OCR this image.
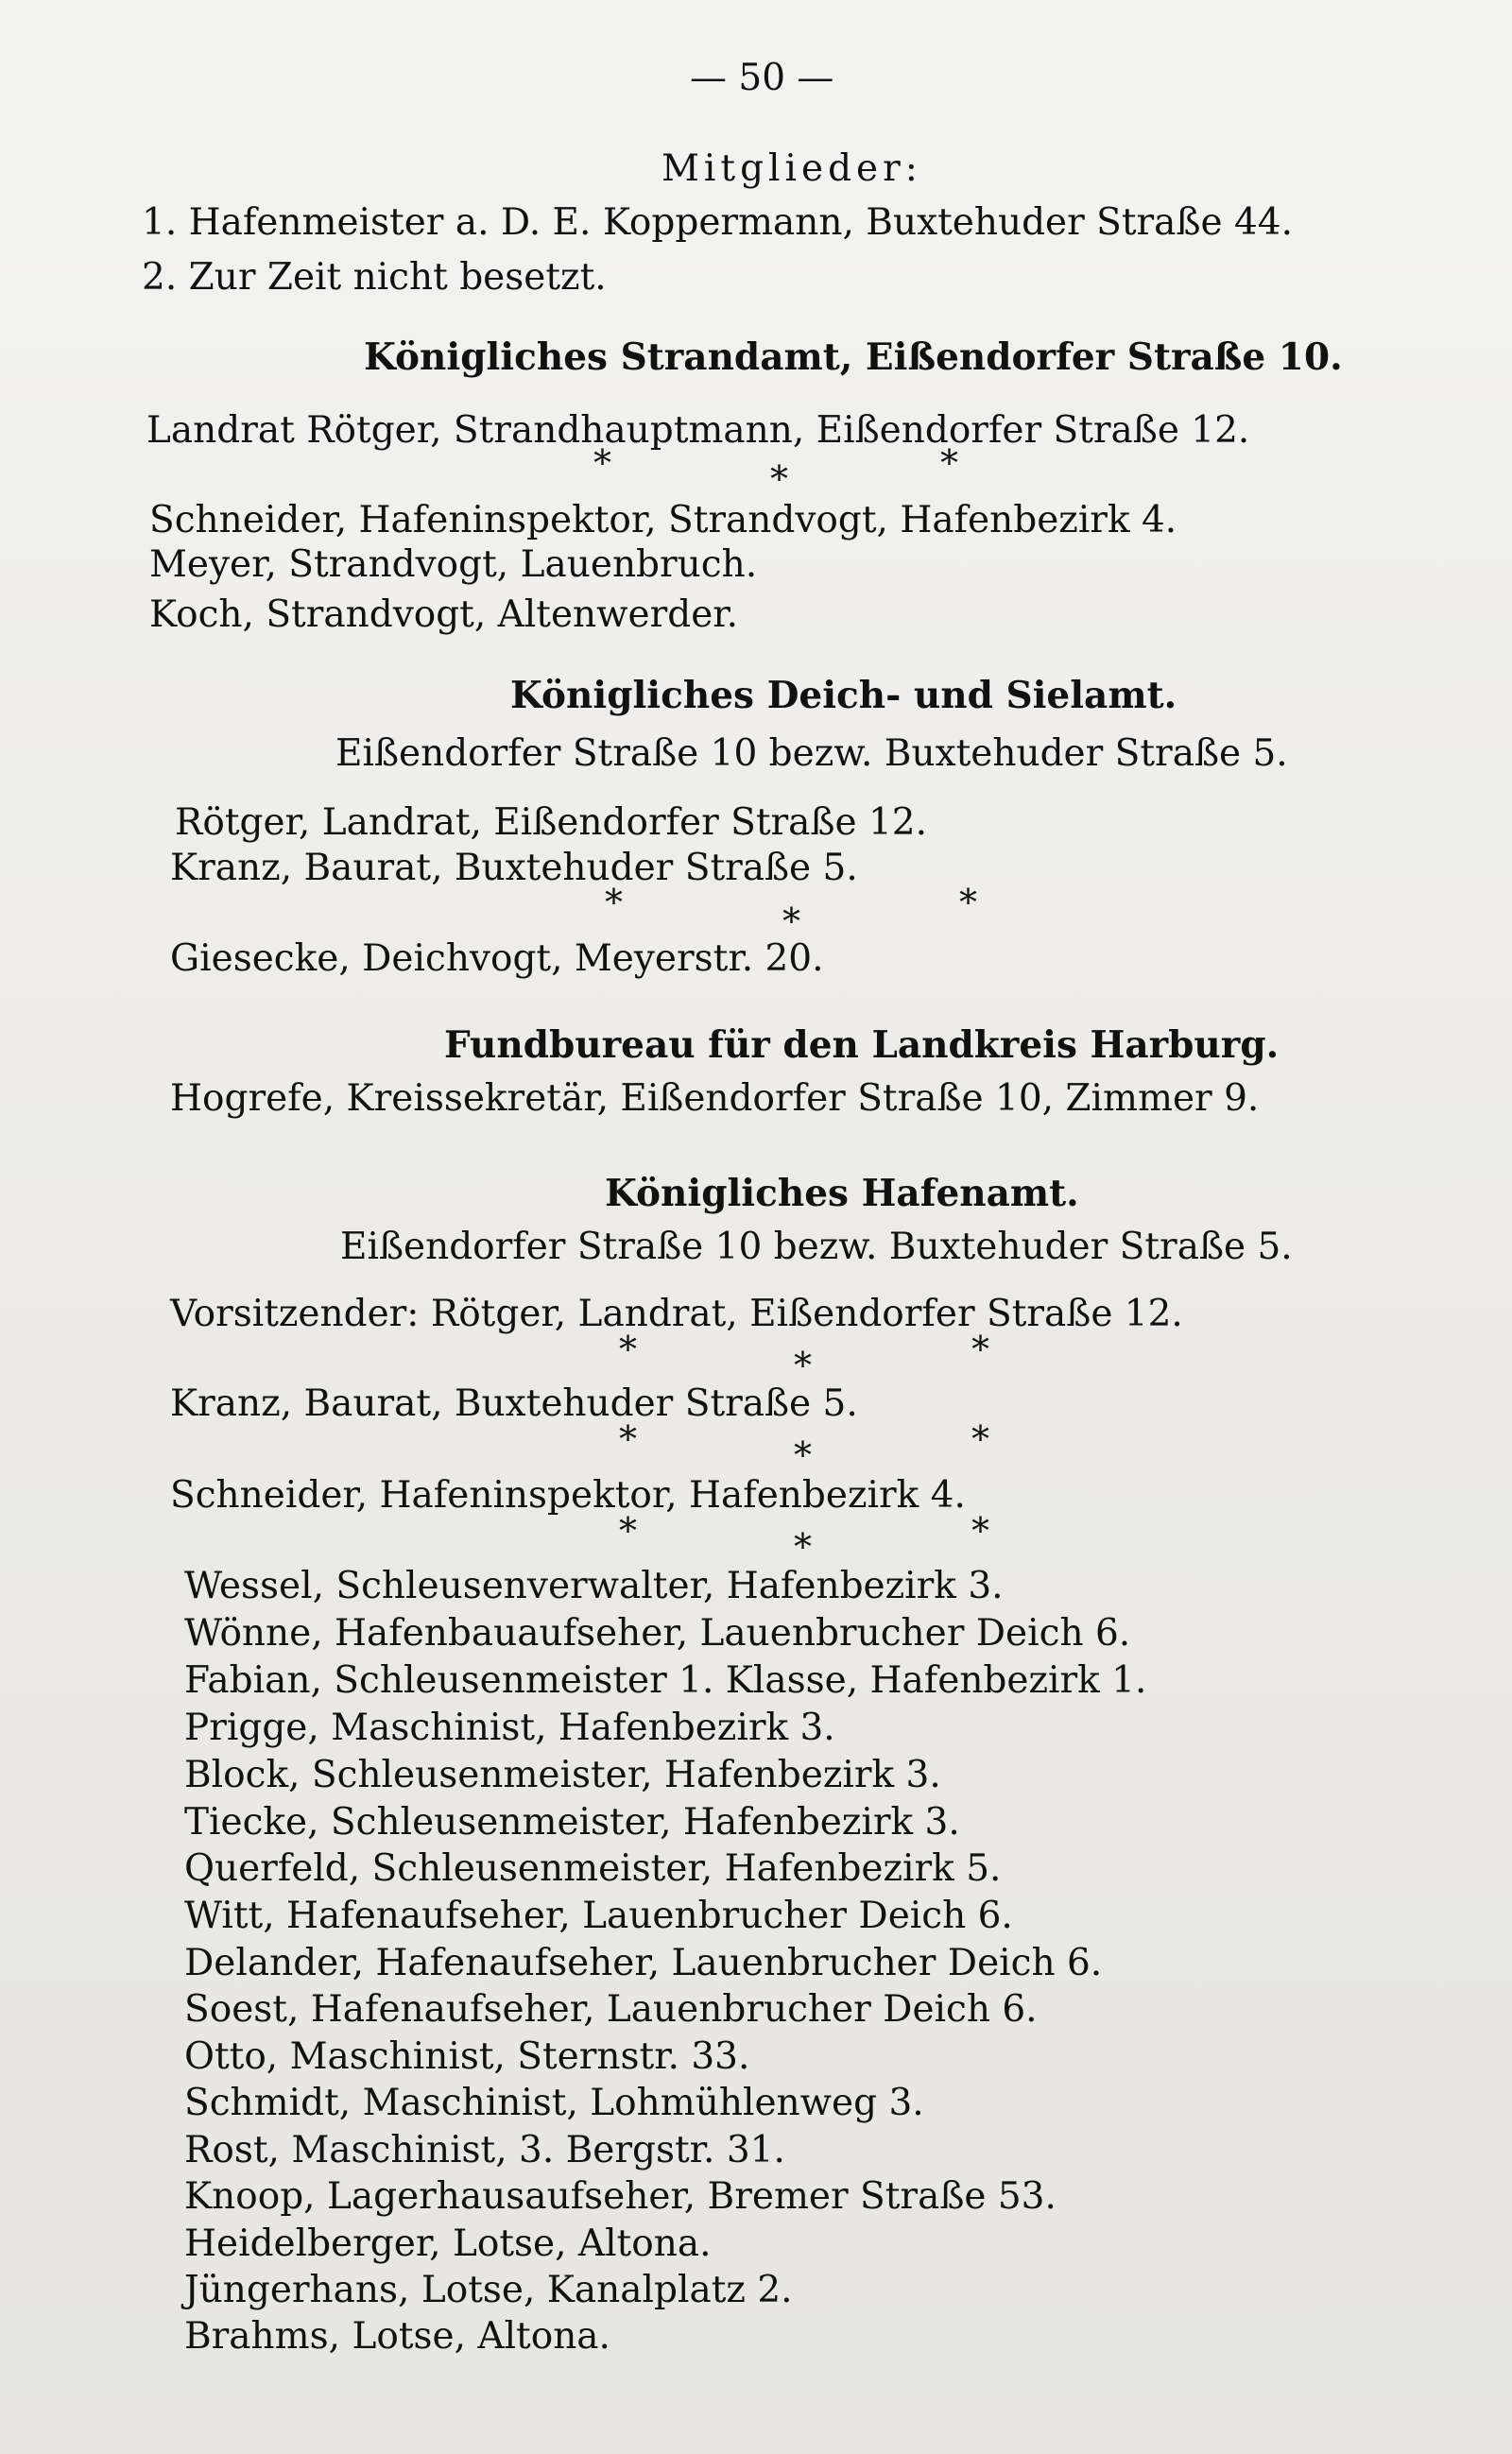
— 50 —
Mitglieder:
1. Hafenmeister a. D. E. Koppermann, Buxtehuder Straße 44.
2. Zur Zeit nicht besetzt.
Königliches Strandamt, Eißendorfer Straße 10.
Landrat Rötger, Strandhauptmann, Eißendorfer Straße 12.
*	*	*
Schneider, Hafeninspektor, Strandvogt, Hafenbezirk 4.
Meyer, Strandvogt, Lauenbruch.
Koch, Strandvogt, Altenwerder.
Königliches Deich- und Sielamt.
Eißendorfer Straße 10 bezw. Buxtehuder Straße 5.
Rötger, Landrat, Eißendorfer Straße 12.
Kranz, Baurat, Buxtehuder Straße 5.
*	*	*
Giesecke, Deichvogt, Meyerstr. 20.
Fundbureau für den Landkreis Harburg.
Hogrefe, Kreissekretär, Eißendorfer Straße 10, Zimmer 9.
Königliches Hafenamt.
Eißendorfer Straße 10 bezw. Buxtehuder Straße 5.
Vorsitzender: Rötger, Landrat, Eißendorfer Straße 12.
*	*	*
Kranz, Baurat, Buxtehuder Straße 5.
*	*	*
Schneider, Hafeninspektor, Hafenbezirk 4.
*	*	*
Wessel, Schleusenverwalter, Hafenbezirk 3.
Wönne, Hafenbauaufseher, Lauenbrucher Deich 6.
Fabian, Schleusenmeister 1. Klasse, Hafenbezirk 1.
Prigge, Maschinist, Hafenbezirk 3.
Block, Schleusenmeister, Hafenbezirk 3.
Tiecke, Schleusenmeister, Hafenbezirk 3.
Querfeld, Schleusenmeister, Hafenbezirk 5.
Witt, Hafenaufseher, Lauenbrucher Deich 6.
Delander, Hafenaufseher, Lauenbrucher Deich 6.
Soest, Hafenaufseher, Lauenbrucher Deich 6.
Otto, Maschinist, Sternstr. 33.
Schmidt, Maschinist, Lohmühlenweg 3.
Rost, Maschinist, 3. Bergstr. 31.
Knoop, Lagerhausaufseher, Bremer Straße 53.
Heidelberger, Lotse, Altona.
Jüngerhans, Lotse, Kanalplatz 2.
Brahms, Lotse, Altona.
